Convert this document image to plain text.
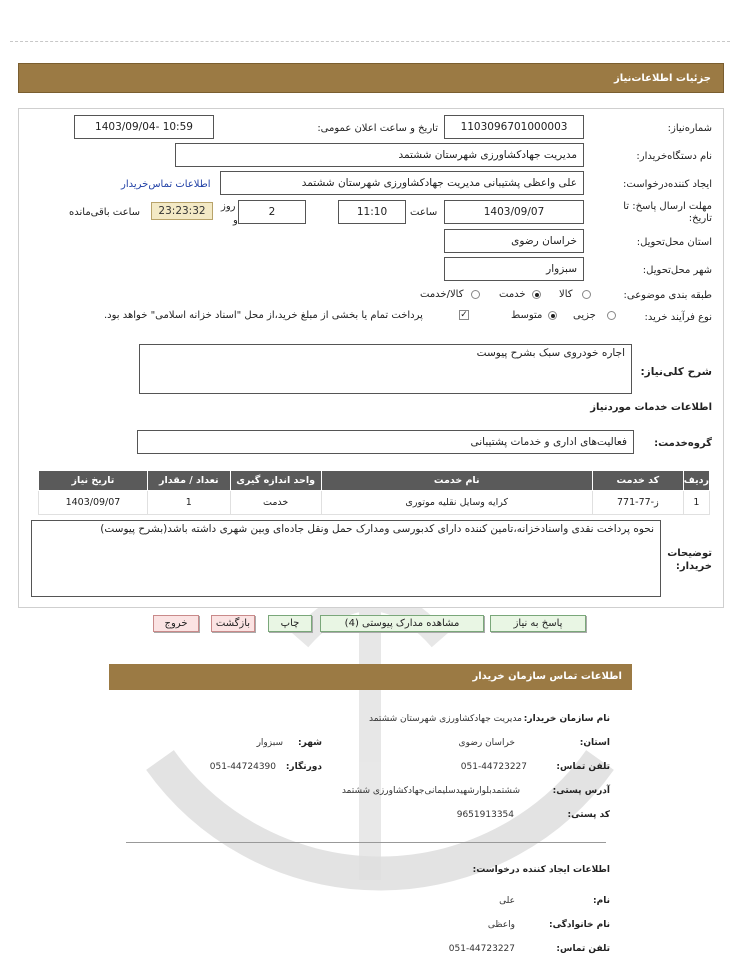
جزئیات اطلاعات‌نیاز
شماره‌نیاز:
1103096701000003
تاریخ و ساعت اعلان عمومی:
1403/09/04- 10:59
نام دستگاه‌خریدار:
مدیریت جهادکشاورزی شهرستان ششتمد
ایجاد کننده‌درخواست:
علی واعظی پشتیبانی مدیریت جهادکشاورزی شهرستان ششتمد
اطلاعات تماس‌خریدار
مهلت ارسال پاسخ: تا
تاریخ:
1403/09/07
ساعت
11:10
2
روز
و
23:23:32
ساعت باقی‌مانده
استان محل‌تحویل:
خراسان رضوی
شهر محل‌تحویل:
سبزوار
طبقه بندی موضوعی:
کالا
خدمت
کالا/خدمت
نوع فرآیند خرید:
جزیی
متوسط
✓
پرداخت تمام یا بخشی از مبلغ خرید،از محل "اسناد خزانه اسلامی" خواهد بود.
اجاره خودروی سبک بشرح پیوست
شرح کلی‌نیاز:
اطلاعات خدمات موردنیاز
گروه‌خدمت:
فعالیت‌های اداری و خدمات پشتیبانی
ردیف	کد خدمت	نام خدمت	واحد اندازه گیری	تعداد / مقدار	تاریخ نیاز
1	ز-77-771	کرایه وسایل نقلیه موتوری	خدمت	1	1403/09/07
نحوه پرداخت نقدی واسنادخزانه،تامین کننده دارای کدبورسی ومدارک حمل ونقل جاده‌ای وبین شهری داشته باشد(بشرح پیوست)
توضیحات
خریدار:
پاسخ به نیاز
مشاهده مدارک پیوستی (4)
چاپ
بازگشت
خروج
اطلاعات تماس سازمان خریدار
نام سازمان خریدار:
مدیریت جهادکشاورزی شهرستان ششتمد
استان:
خراسان رضوی
شهر:
سبزوار
تلفن تماس:
051-44723227
دورنگار:
051-44724390
آدرس پستی:
ششتمدبلوارشهیدسلیمانی‌جهادکشاورزی ششتمد
کد پستی:
9651913354
اطلاعات ایجاد کننده درخواست:
نام:
علی
نام خانوادگی:
واعظی
تلفن تماس:
051-44723227
